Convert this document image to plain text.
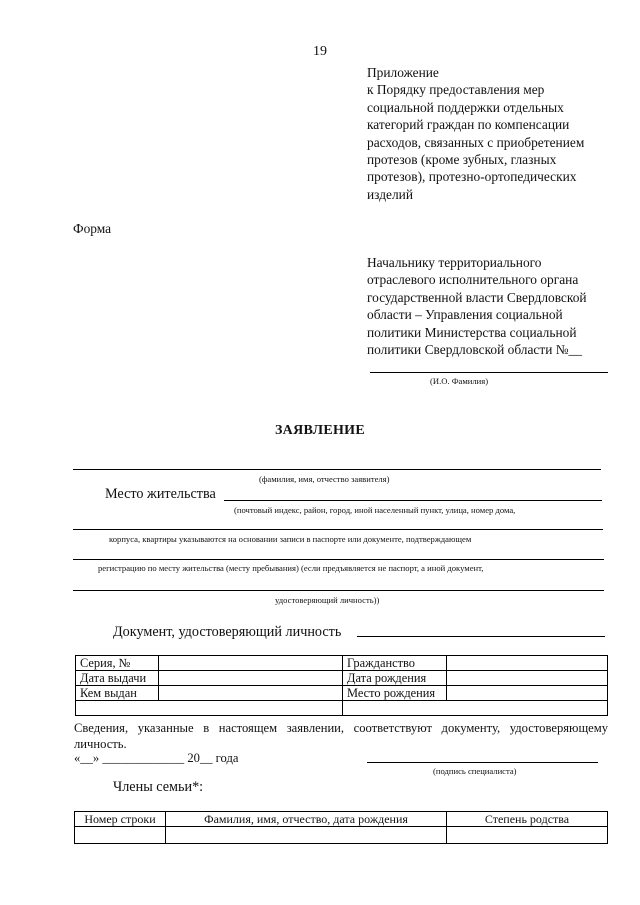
19
Приложение
к Порядку предоставления мер
социальной поддержки отдельных
категорий граждан по компенсации
расходов, связанных с приобретением
протезов (кроме зубных, глазных
протезов), протезно-ортопедических
изделий
Форма
Начальнику территориального
отраслевого исполнительного органа
государственной власти Свердловской
области – Управления социальной
политики Министерства социальной
политики Свердловской области №__
(И.О. Фамилия)
ЗАЯВЛЕНИЕ
(фамилия, имя, отчество заявителя)
Место жительства
(почтовый индекс, район, город, иной населенный пункт, улица, номер дома,
корпуса, квартиры указываются на основании записи в паспорте или документе, подтверждающем
регистрацию по месту жительства (месту пребывания) (если предъявляется не паспорт, а иной документ,
удостоверяющий личность))
Документ, удостоверяющий личность
Серия, №		Гражданство	
Дата выдачи		Дата рождения	
Кем выдан		Место рождения	

Сведения, указанные в настоящем заявлении, соответствуют документу, удостоверяющему
личность.
«__» _____________ 20__ года
(подпись специалиста)
Члены семьи*:
Номер строки	Фамилия, имя, отчество, дата рождения	Степень родства
